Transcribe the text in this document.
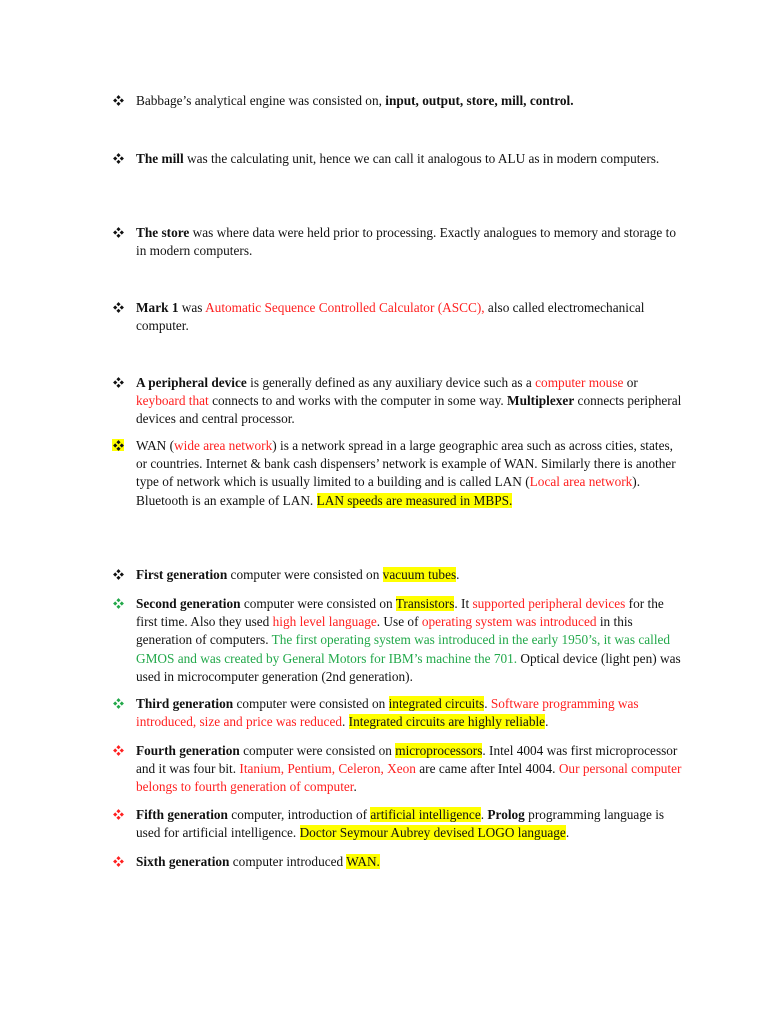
Babbage’s analytical engine was consisted on, input, output, store, mill, control.
The mill was the calculating unit, hence we can call it analogous to ALU as in modern computers.
The store was where data were held prior to processing. Exactly analogues to memory and storage to in modern computers.
Mark 1 was Automatic Sequence Controlled Calculator (ASCC), also called electromechanical computer.
A peripheral device is generally defined as any auxiliary device such as a computer mouse or keyboard that connects to and works with the computer in some way. Multiplexer connects peripheral devices and central processor.
WAN (wide area network) is a network spread in a large geographic area such as across cities, states, or countries. Internet & bank cash dispensers’ network is example of WAN. Similarly there is another type of network which is usually limited to a building and is called LAN (Local area network). Bluetooth is an example of LAN. LAN speeds are measured in MBPS.
First generation computer were consisted on vacuum tubes.
Second generation computer were consisted on Transistors. It supported peripheral devices for the first time. Also they used high level language. Use of operating system was introduced in this generation of computers. The first operating system was introduced in the early 1950’s, it was called GMOS and was created by General Motors for IBM’s machine the 701. Optical device (light pen) was used in microcomputer generation (2nd generation).
Third generation computer were consisted on integrated circuits. Software programming was introduced, size and price was reduced. Integrated circuits are highly reliable.
Fourth generation computer were consisted on microprocessors. Intel 4004 was first microprocessor and it was four bit. Itanium, Pentium, Celeron, Xeon are came after Intel 4004. Our personal computer belongs to fourth generation of computer.
Fifth generation computer, introduction of artificial intelligence. Prolog programming language is used for artificial intelligence. Doctor Seymour Aubrey devised LOGO language.
Sixth generation computer introduced WAN.
